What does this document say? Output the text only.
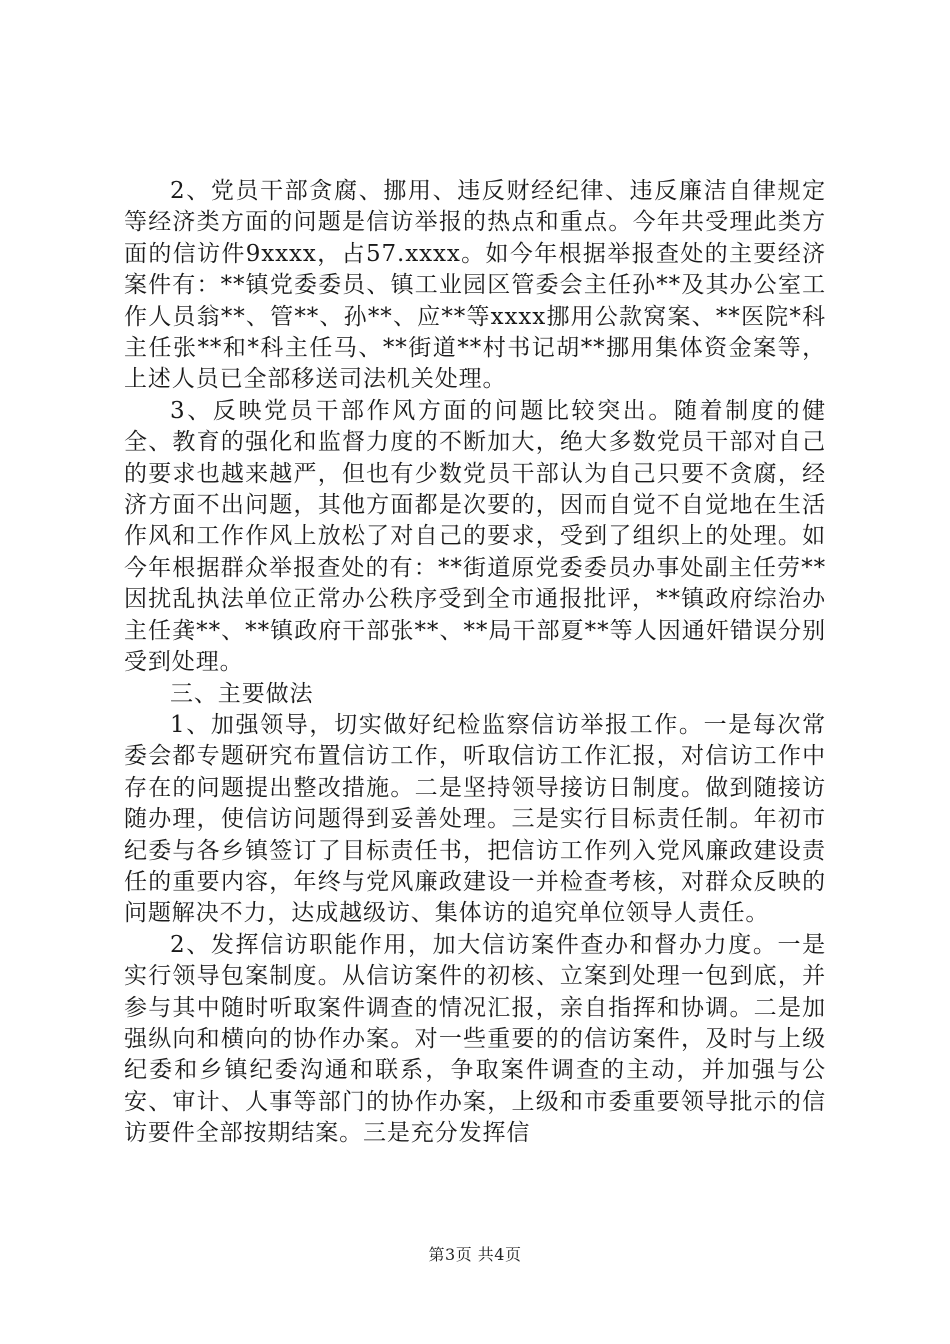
2、党员干部贪腐、挪用、违反财经纪律、违反廉洁自律规定等经济类方面的问题是信访举报的热点和重点。今年共受理此类方面的信访件9xxxx，占57.xxxx。如今年根据举报查处的主要经济案件有：**镇党委委员、镇工业园区管委会主任孙**及其办公室工作人员翁**、管**、孙**、应**等xxxx挪用公款窝案、**医院*科主任张**和*科主任马、**街道**村书记胡**挪用集体资金案等，上述人员已全部移送司法机关处理。

3、反映党员干部作风方面的问题比较突出。随着制度的健全、教育的强化和监督力度的不断加大，绝大多数党员干部对自己的要求也越来越严，但也有少数党员干部认为自己只要不贪腐，经济方面不出问题，其他方面都是次要的，因而自觉不自觉地在生活作风和工作作风上放松了对自己的要求，受到了组织上的处理。如今年根据群众举报查处的有：**街道原党委委员办事处副主任劳**因扰乱执法单位正常办公秩序受到全市通报批评，**镇政府综治办主任龚**、**镇政府干部张**、**局干部夏**等人因通奸错误分别受到处理。

三、主要做法

1、加强领导，切实做好纪检监察信访举报工作。一是每次常委会都专题研究布置信访工作，听取信访工作汇报，对信访工作中存在的问题提出整改措施。二是坚持领导接访日制度。做到随接访随办理，使信访问题得到妥善处理。三是实行目标责任制。年初市纪委与各乡镇签订了目标责任书，把信访工作列入党风廉政建设责任的重要内容，年终与党风廉政建设一并检查考核，对群众反映的问题解决不力，达成越级访、集体访的追究单位领导人责任。

2、发挥信访职能作用，加大信访案件查办和督办力度。一是实行领导包案制度。从信访案件的初核、立案到处理一包到底，并参与其中随时听取案件调查的情况汇报，亲自指挥和协调。二是加强纵向和横向的协作办案。对一些重要的的信访案件，及时与上级纪委和乡镇纪委沟通和联系，争取案件调查的主动，并加强与公安、审计、人事等部门的协作办案，上级和市委重要领导批示的信访要件全部按期结案。三是充分发挥信

第3页 共4页
